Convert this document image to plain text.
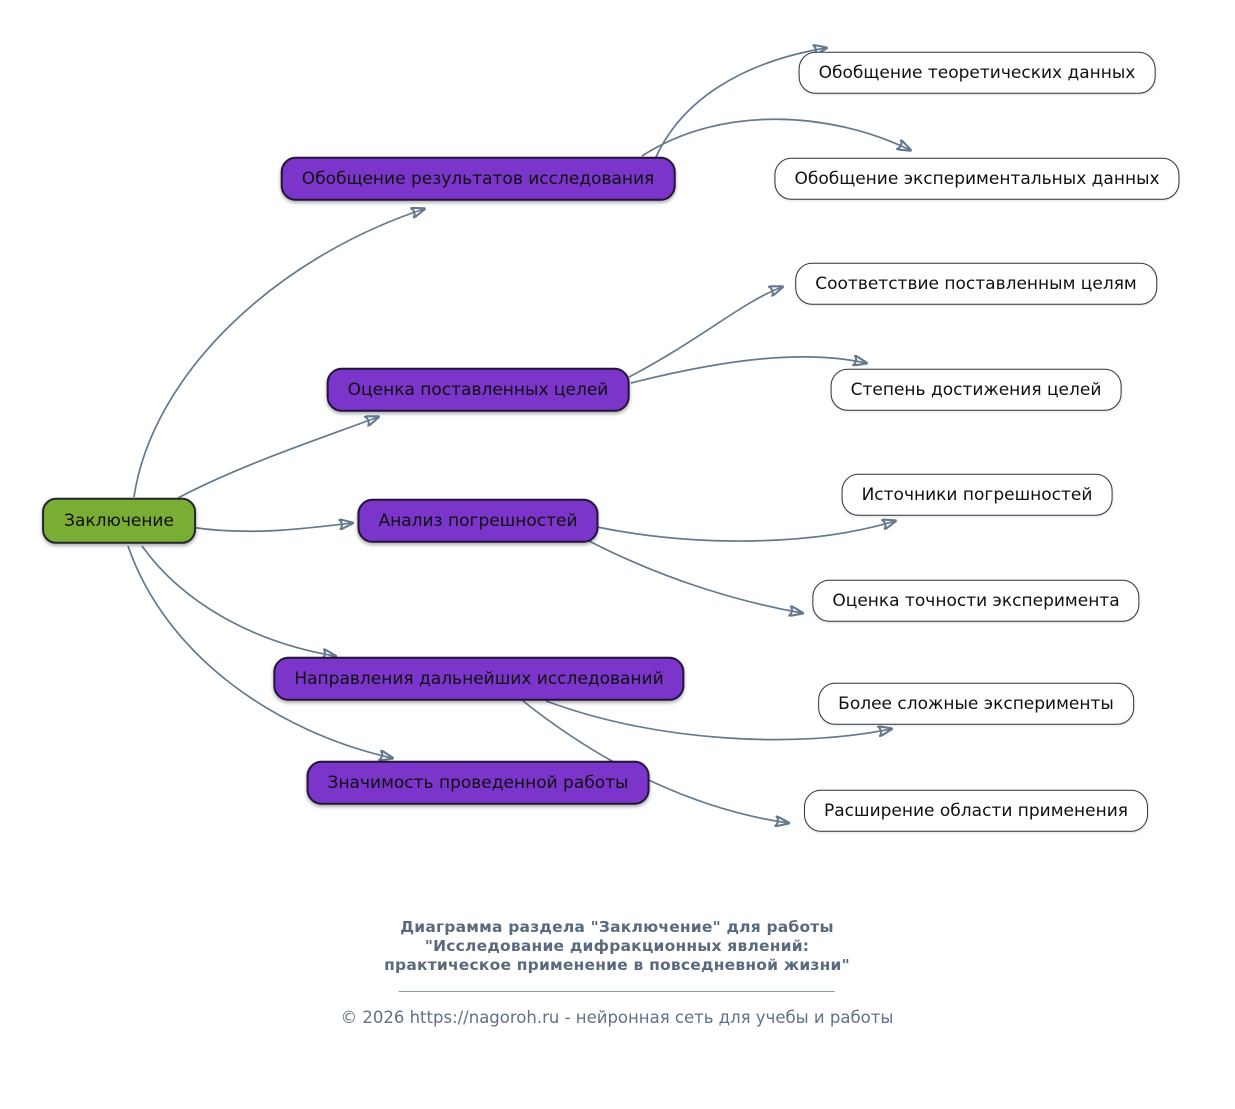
Заключение
Обобщение результатов исследования
Оценка поставленных целей
Анализ погрешностей
Направления дальнейших исследований
Значимость проведенной работы
Обобщение теоретических данных
Обобщение экспериментальных данных
Соответствие поставленным целям
Степень достижения целей
Источники погрешностей
Оценка точности эксперимента
Более сложные эксперименты
Расширение области применения
Диаграмма раздела "Заключение" для работы
"Исследование дифракционных явлений:
практическое применение в повседневной жизни"
© 2026 https://nagoroh.ru - нейронная сеть для учебы и работы
